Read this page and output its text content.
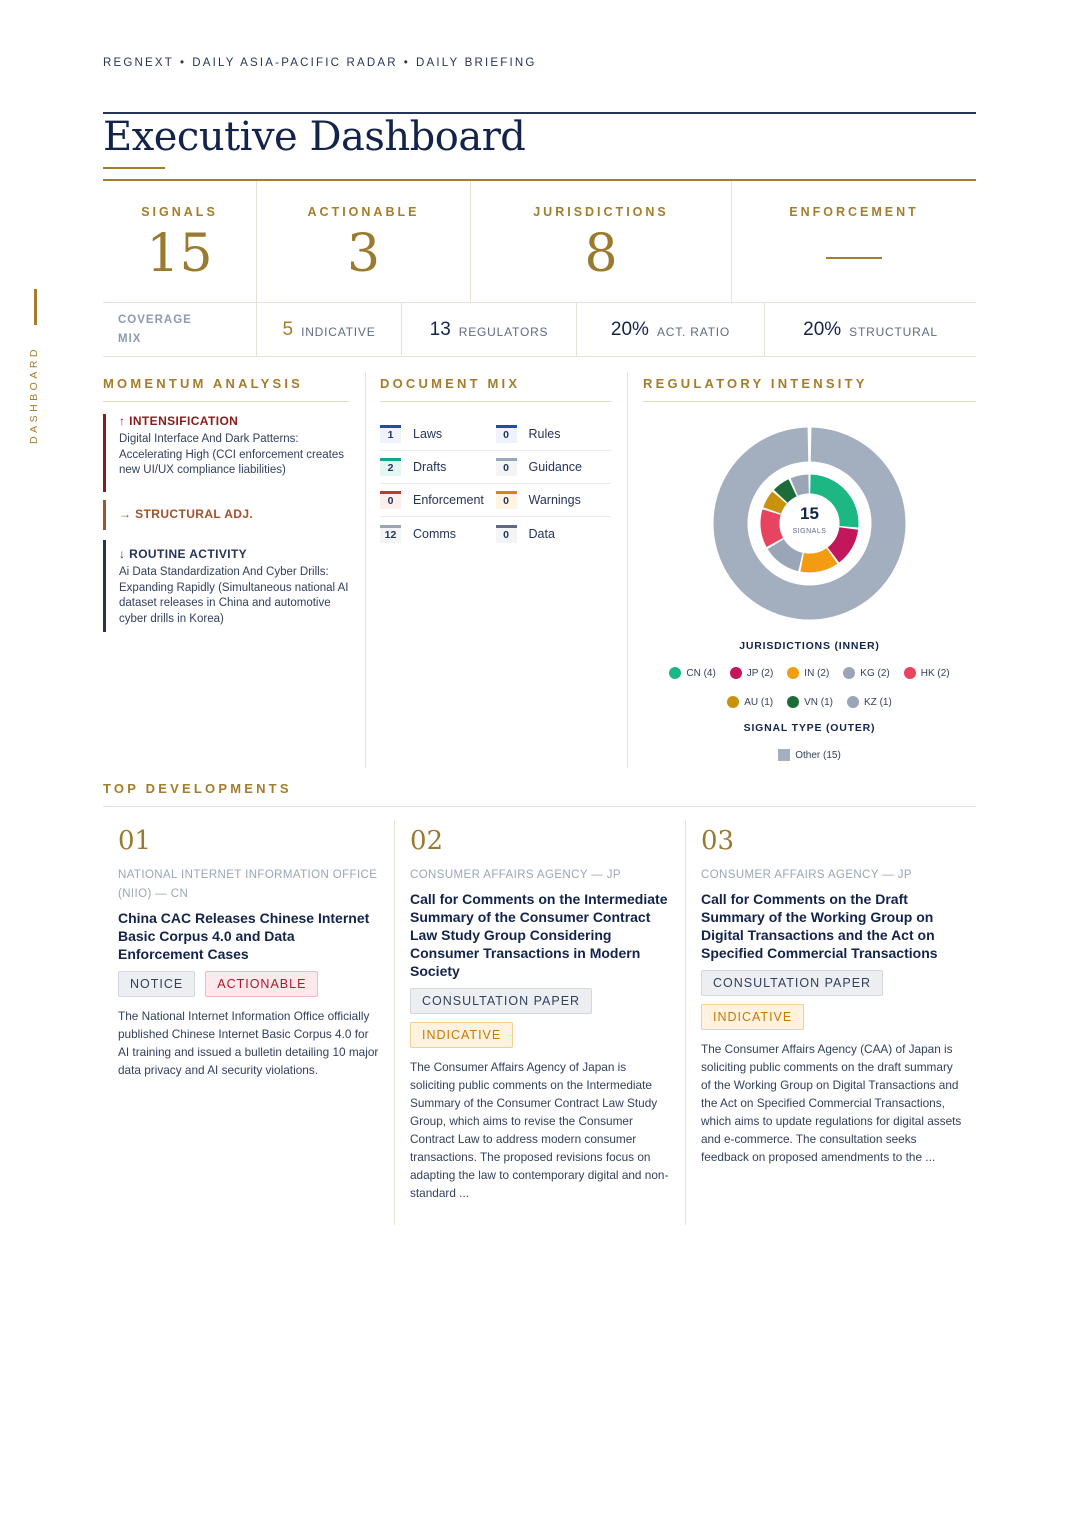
REGNEXT • DAILY ASIA-PACIFIC RADAR • DAILY BRIEFING
DASHBOARD
Executive Dashboard
SIGNALS
15
ACTIONABLE
3
JURISDICTIONS
8
ENFORCEMENT
COVERAGE
MIX	5 INDICATIVE	13 REGULATORS	20% ACT. RATIO	20% STRUCTURAL
MOMENTUM ANALYSIS	DOCUMENT MIX	REGULATORY INTENSITY
↑ INTENSIFICATION
Digital Interface And Dark Patterns: Accelerating High (CCI enforcement creates new UI/UX compliance liabilities)
→ STRUCTURAL ADJ.
↓ ROUTINE ACTIVITY
Ai Data Standardization And Cyber Drills: Expanding Rapidly (Simultaneous national AI dataset releases in China and automotive cyber drills in Korea)
1	Laws	0	Rules
2	Drafts	0	Guidance
0	Enforcement	0	Warnings
12	Comms	0	Data
15
SIGNALS
JURISDICTIONS (INNER)
CN (4)	JP (2)	IN (2)	KG (2)	HK (2)
AU (1)	VN (1)	KZ (1)
SIGNAL TYPE (OUTER)
Other (15)
TOP DEVELOPMENTS
01
NATIONAL INTERNET INFORMATION OFFICE (NIIO) — CN
China CAC Releases Chinese Internet Basic Corpus 4.0 and Data Enforcement Cases
NOTICE	ACTIONABLE
The National Internet Information Office officially published Chinese Internet Basic Corpus 4.0 for AI training and issued a bulletin detailing 10 major data privacy and AI security violations.
02
CONSUMER AFFAIRS AGENCY — JP
Call for Comments on the Intermediate Summary of the Consumer Contract Law Study Group Considering Consumer Transactions in Modern Society
CONSULTATION PAPER
INDICATIVE
The Consumer Affairs Agency of Japan is soliciting public comments on the Intermediate Summary of the Consumer Contract Law Study Group, which aims to revise the Consumer Contract Law to address modern consumer transactions. The proposed revisions focus on adapting the law to contemporary digital and non-standard ...
03
CONSUMER AFFAIRS AGENCY — JP
Call for Comments on the Draft Summary of the Working Group on Digital Transactions and the Act on Specified Commercial Transactions
CONSULTATION PAPER
INDICATIVE
The Consumer Affairs Agency (CAA) of Japan is soliciting public comments on the draft summary of the Working Group on Digital Transactions and the Act on Specified Commercial Transactions, which aims to update regulations for digital assets and e-commerce. The consultation seeks feedback on proposed amendments to the ...
